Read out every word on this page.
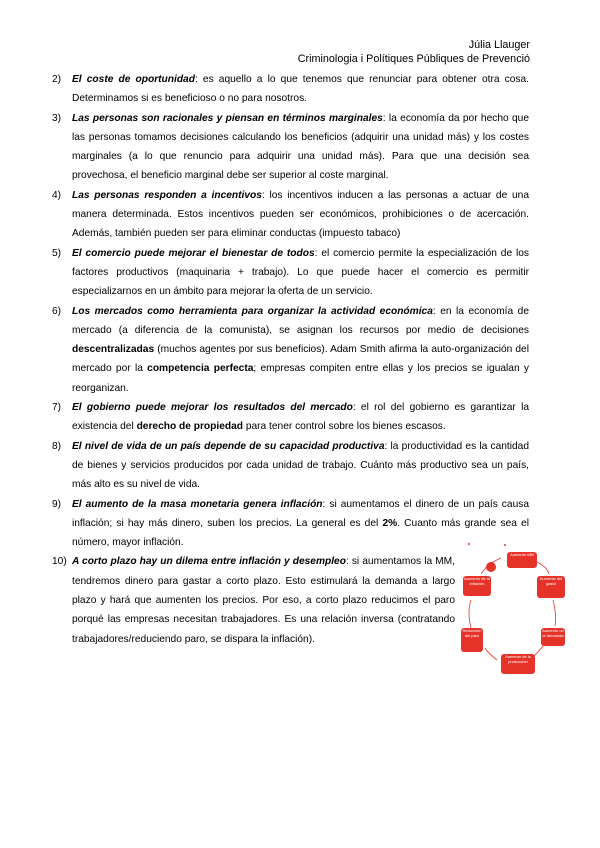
Júlia Llauger
Criminologia i Polítiques Públiques de Prevenció
2)	El coste de oportunidad: es aquello a lo que tenemos que renunciar para obtener otra cosa. Determinamos si es beneficioso o no para nosotros.
3)	Las personas son racionales y piensan en términos marginales: la economía da por hecho que las personas tomamos decisiones calculando los beneficios (adquirir una unidad más) y los costes marginales (a lo que renuncio para adquirir una unidad más). Para que una decisión sea provechosa, el beneficio marginal debe ser superior al coste marginal.
4)	Las personas responden a incentivos: los incentivos inducen a las personas a actuar de una manera determinada. Estos incentivos pueden ser económicos, prohibiciones o de acercación. Además, también pueden ser para eliminar conductas (impuesto tabaco)
5)	El comercio puede mejorar el bienestar de todos: el comercio permite la especialización de los factores productivos (maquinaria + trabajo). Lo que puede hacer el comercio es permitir especializarnos en un ámbito para mejorar la oferta de un servicio.
6)	Los mercados como herramienta para organizar la actividad económica: en la economía de mercado (a diferencia de la comunista), se asignan los recursos por medio de decisiones descentralizadas (muchos agentes por sus beneficios). Adam Smith afirma la auto-organización del mercado por la competencia perfecta; empresas compiten entre ellas y los precios se igualan y reorganizan.
7)	El gobierno puede mejorar los resultados del mercado: el rol del gobierno es garantizar la existencia del derecho de propiedad para tener control sobre los bienes escasos.
8)	El nivel de vida de un país depende de su capacidad productiva: la productividad es la cantidad de bienes y servicios producidos por cada unidad de trabajo. Cuánto más productivo sea un país, más alto es su nivel de vida.
9)	El aumento de la masa monetaria genera inflación: si aumentamos el dinero de un país causa inflación; si hay más dinero, suben los precios. La general es del 2%. Cuanto más grande sea el número, mayor inflación.
10) A corto plazo hay un dilema entre inflación y desempleo: si aumentamos la MM, tendremos dinero para gastar a corto plazo. Esto estimulará la demanda a largo plazo y hará que aumenten los precios. Por eso, a corto plazo reducimos el paro porqué las empresas necesitan trabajadores. Es una relación inversa (contratando trabajadores/reduciendo paro, se dispara la inflación).
Aumento MM
Aumento del gasto
Aumento de la demanda
Aumento de la producción
Reducción del paro
Aumento de la inflación
